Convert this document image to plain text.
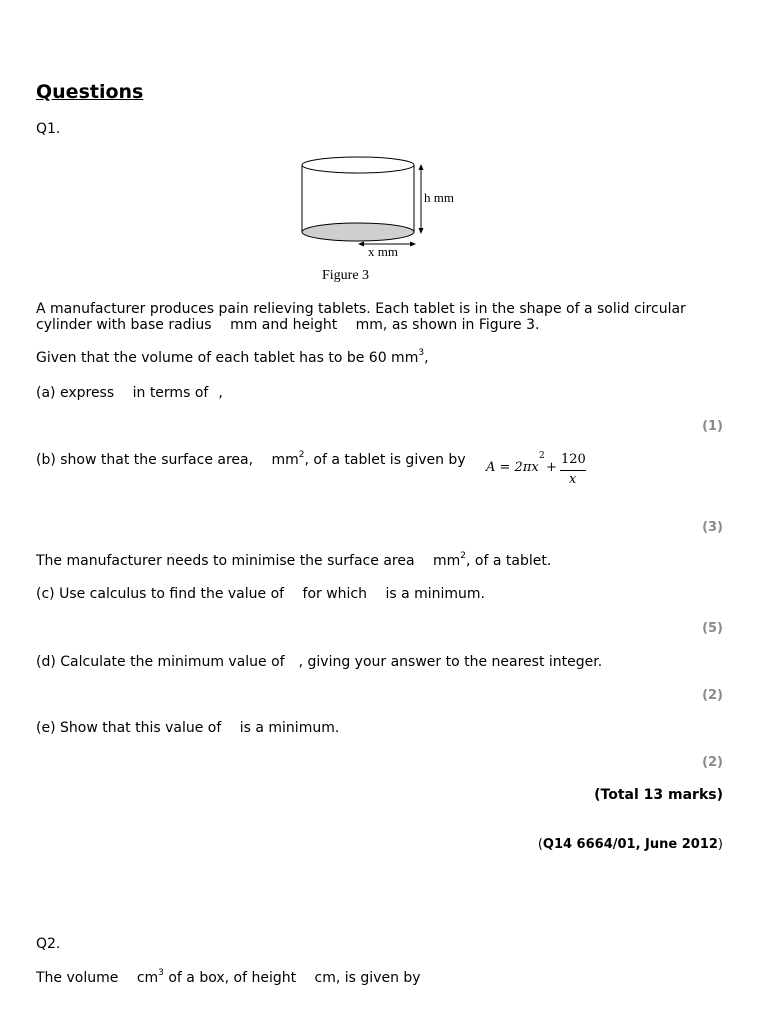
Questions
Q1.
h mm
x mm
Figure 3
A manufacturer produces pain relieving tablets. Each tablet is in the shape of a solid circular
cylinder with base radius mm and height mm, as shown in Figure 3.
Given that the volume of each tablet has to be 60 $mm^3$,
(a) express in terms of ,
(1)
(b) show that the surface area, $mm^2$, of a tablet is given by A = 2πx
2
+
120
x
(3)
The manufacturer needs to minimise the surface area $mm^2$, of a tablet.
(c) Use calculus to find the value of for which is a minimum.
(5)
(d) Calculate the minimum value of , giving your answer to the nearest integer.
(2)
(e) Show that this value of is a minimum.
(2)
(Total 13 marks)
(Q14 6664/01, June 2012)
Q2.
The volume $cm^3$ of a box, of height cm, is given by
